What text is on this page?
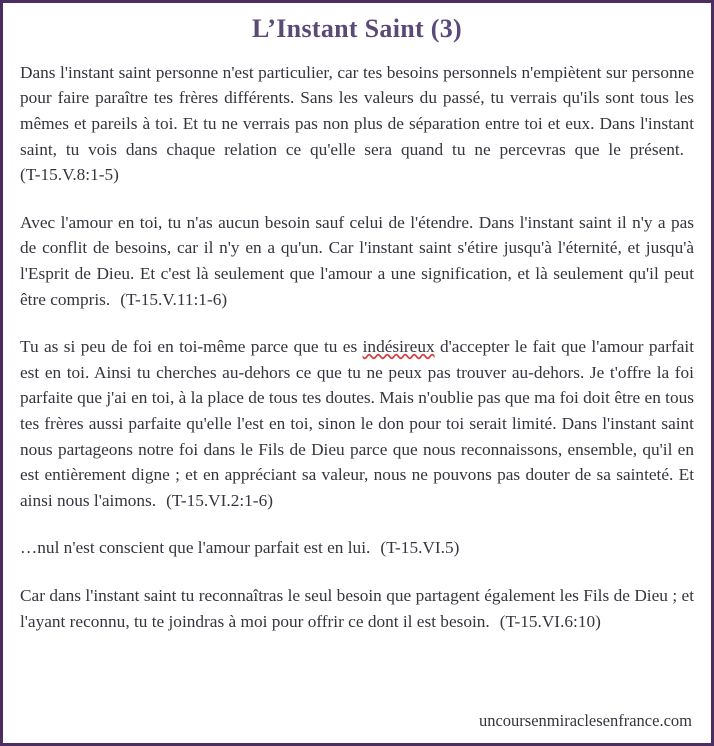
L’Instant Saint (3)

Dans l'instant saint personne n'est particulier, car tes besoins personnels n'empiètent sur personne pour faire paraître tes frères différents. Sans les valeurs du passé, tu verrais qu'ils sont tous les mêmes et pareils à toi. Et tu ne verrais pas non plus de séparation entre toi et eux. Dans l'instant saint, tu vois dans chaque relation ce qu'elle sera quand tu ne percevras que le présent.(T-15.V.8:1-5)

Avec l'amour en toi, tu n'as aucun besoin sauf celui de l'étendre. Dans l'instant saint il n'y a pas de conflit de besoins, car il n'y en a qu'un. Car l'instant saint s'étire jusqu'à l'éternité, et jusqu'à l'Esprit de Dieu. Et c'est là seulement que l'amour a une signification, et là seulement qu'il peut être compris. (T-15.V.11:1-6)

Tu as si peu de foi en toi-même parce que tu es indésireux d'accepter le fait que l'amour parfait est en toi. Ainsi tu cherches au-dehors ce que tu ne peux pas trouver au-dehors. Je t'offre la foi parfaite que j'ai en toi, à la place de tous tes doutes. Mais n'oublie pas que ma foi doit être en tous tes frères aussi parfaite qu'elle l'est en toi, sinon le don pour toi serait limité. Dans l'instant saint nous partageons notre foi dans le Fils de Dieu parce que nous reconnaissons, ensemble, qu'il en est entièrement digne ; et en appréciant sa valeur, nous ne pouvons pas douter de sa sainteté. Et ainsi nous l'aimons. (T-15.VI.2:1-6)

…nul n'est conscient que l'amour parfait est en lui. (T-15.VI.5)

Car dans l'instant saint tu reconnaîtras le seul besoin que partagent également les Fils de Dieu ; et l'ayant reconnu, tu te joindras à moi pour offrir ce dont il est besoin. (T-15.VI.6:10)

uncoursenmiraclesenfrance.com
